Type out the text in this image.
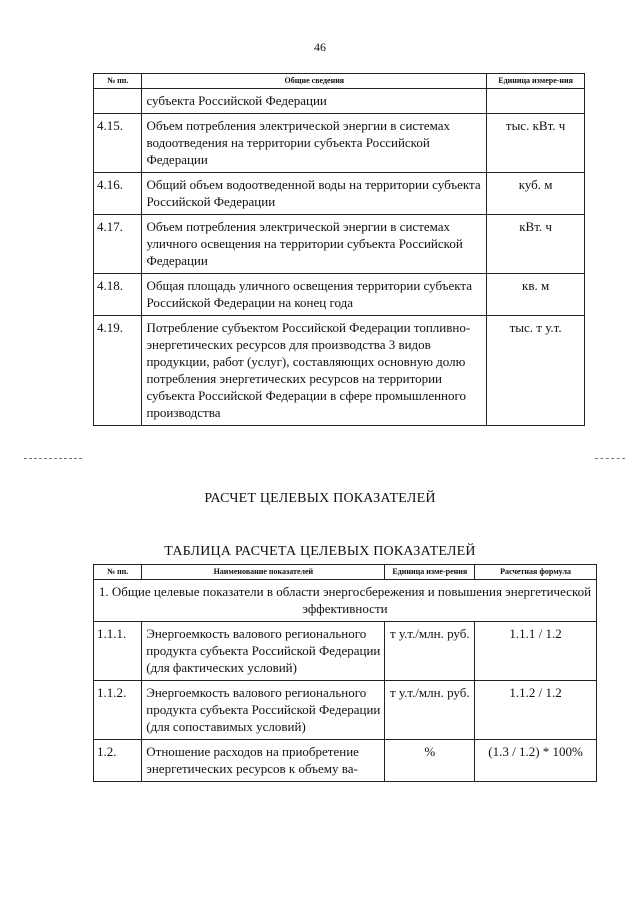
46
№ пп.	Общие сведения	Единица измере-ния
	субъекта Российской Федерации	
4.15.	Объем потребления электрической энергии в системах водоотведения на территории субъекта Российской Федерации	тыс. кВт. ч
4.16.	Общий объем водоотведенной воды на территории субъекта Российской Федерации	куб. м
4.17.	Объем потребления электрической энергии в системах уличного освещения на территории субъекта Российской Федерации	кВт. ч
4.18.	Общая площадь уличного освещения территории субъекта Российской Федерации на конец года	кв. м
4.19.	Потребление субъектом Российской Федерации топливно-энергетических ресурсов для производства 3 видов продукции, работ (услуг), составляющих основную долю потребления энергетических ресурсов на территории субъекта Российской Федерации в сфере промышленного производства	тыс. т у.т.
РАСЧЕТ ЦЕЛЕВЫХ ПОКАЗАТЕЛЕЙ
ТАБЛИЦА РАСЧЕТА ЦЕЛЕВЫХ ПОКАЗАТЕЛЕЙ
№ пп.	Наименование показателей	Единица изме-рения	Расчетная формула
1. Общие целевые показатели в области энергосбережения и повышения энергетической эффективности			
1.1.1.	Энергоемкость валового регионального продукта субъекта Российской Федерации (для фактических условий)	т у.т./млн. руб.	1.1.1 / 1.2
1.1.2.	Энергоемкость валового регионального продукта субъекта Российской Федерации (для сопоставимых условий)	т у.т./млн. руб.	1.1.2 / 1.2
1.2.	Отношение расходов на приобретение энергетических ресурсов к объему ва-	%	(1.3 / 1.2) * 100%
